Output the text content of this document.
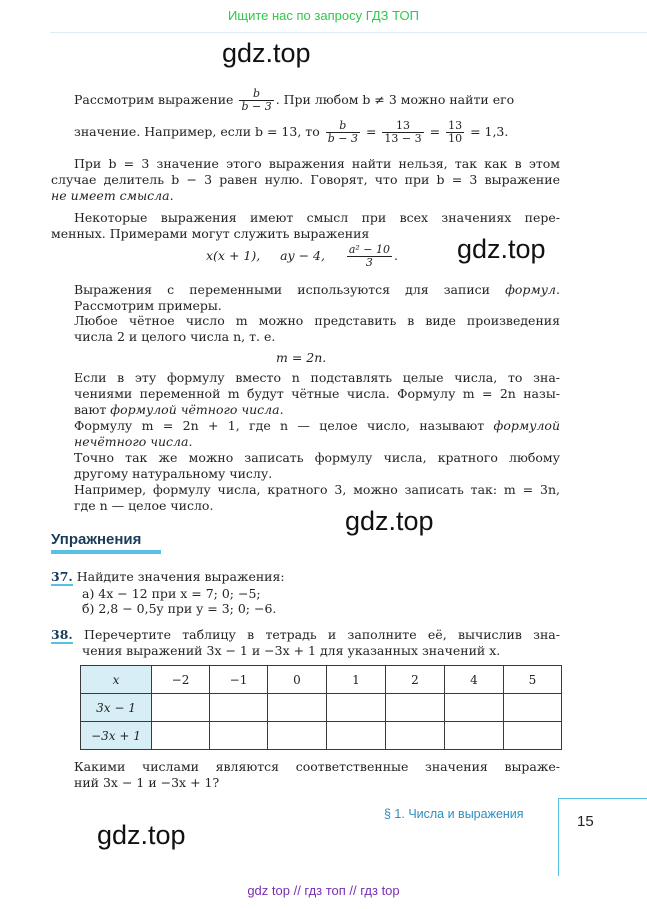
Ищите нас по запросу ГДЗ ТОП
gdz.top
Рассмотрим выражение $\frac{b}{b - 3}$ . При любом b ≠ 3 можно найти его
значение. Например, если b = 13, то $\frac{b}{b - 3} = \frac{13}{13 - 3} = \frac{13}{10} = 1,3$.
При b = 3 значение этого выражения найти нельзя, так как в этом
случае делитель b − 3 равен нулю. Говорят, что при b = 3 выражение
не имеет смысла.
Некоторые выражения имеют смысл при всех значениях пере-
менных. Примерами могут служить выражения
x(x + 1), ay − 4, $\frac{\text{a² − 10}}{3}$ . gdz.top
Выражения с переменными используются для записи формул.
Рассмотрим примеры.
Любое чётное число m можно представить в виде произведения
числа 2 и целого числа n, т. е.
m = 2n.
Если в эту формулу вместо n подставлять целые числа, то зна-
чениями переменной m будут чётные числа. Формулу m = 2n назы-
вают формулой чётного числа.
Формулу m = 2n + 1, где n — целое число, называют формулой
нечётного числа.
Точно так же можно записать формулу числа, кратного любому
другому натуральному числу.
Например, формулу числа, кратного 3, можно записать так: m = 3n,
где n — целое число.
gdz.top
Упражнения
37. Найдите значения выражения:
а) 4x − 12 при x = 7; 0; −5;
б) 2,8 − 0,5y при y = 3; 0; −6.
38. Перечертите таблицу в тетрадь и заполните её, вычислив зна-
чения выражений 3x − 1 и −3x + 1 для указанных значений x.
x	−2	−1	0	1	2	4	5
3x − 1							
−3x + 1							
Какими числами являются соответственные значения выраже-
ний 3x − 1 и −3x + 1?
§ 1. Числа и выражения	15
gdz.top
gdz top // гдз топ // гдз top
